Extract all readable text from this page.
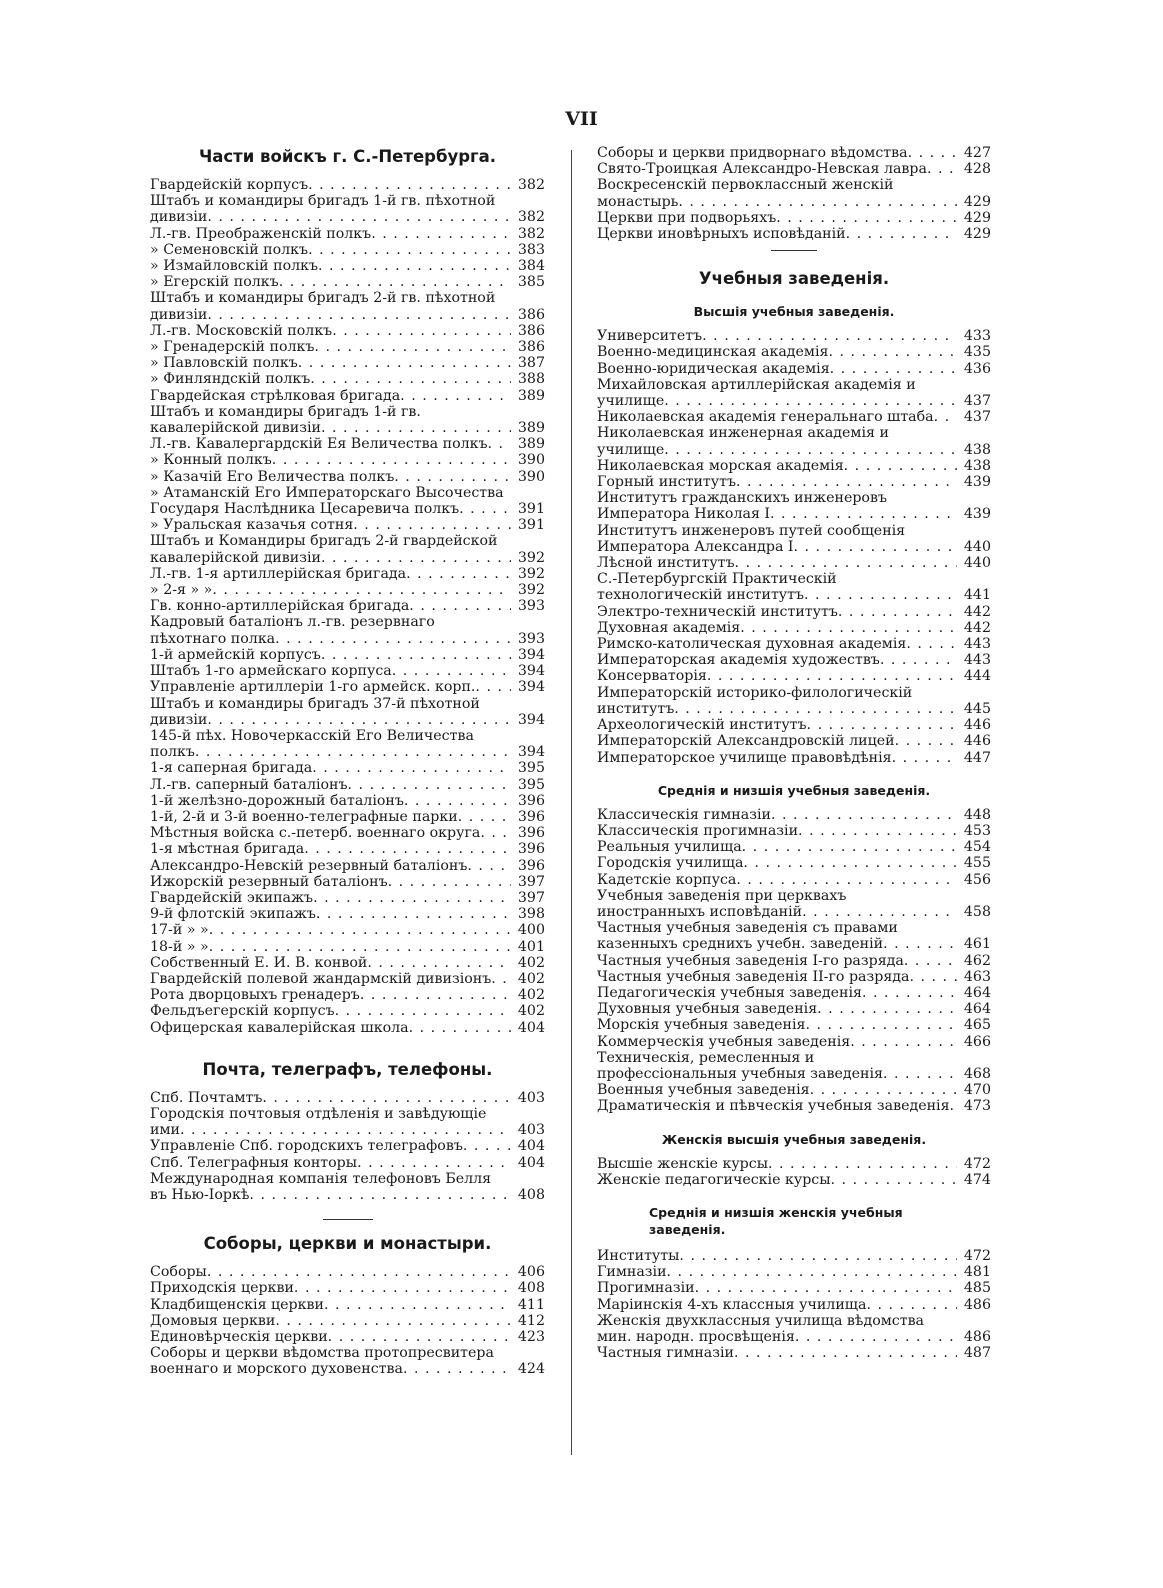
VII
Части войскъ г. С.-Петербурга.
Гвардейскій корпусъ . . .	382
Штабъ и командиры бригадъ 1-й гв. пѣхотной дивизіи . . .	382
Л.-гв. Преображенскій полкъ . . .	382
» Семеновскій полкъ . . .	383
» Измайловскій полкъ . . .	384
» Егерскій полкъ . . .	385
Штабъ и командиры бригадъ 2-й гв. пѣхотной дивизіи . . .	386
Л.-гв. Московскій полкъ . . .	386
» Гренадерскій полкъ . . .	386
» Павловскій полкъ . . .	387
» Финляндскій полкъ . . .	388
Гвардейская стрѣлковая бригада . . .	389
Штабъ и командиры бригадъ 1-й гв. кавалерійской дивизіи . . .	389
Л.-гв. Кавалергардскій Ея Величества полкъ . . .	389
» Конный полкъ . . .	390
» Казачій Его Величества полкъ . . .	390
» Атаманскій Его Императорскаго Высочества Государя Наслѣдника Цесаревича полкъ . . .	391
» Уральская казачья сотня . . .	391
Штабъ и Командиры бригадъ 2-й гвардейской кавалерійской дивизіи . . .	392
Л.-гв. 1-я артиллерійская бригада . . .	392
» 2-я » » . . .	392
Гв. конно-артиллерійская бригада . . .	393
Кадровый баталіонъ л.-гв. резервнаго пѣхотнаго полка . . .	393
1-й армейскій корпусъ . . .	394
Штабъ 1-го армейскаго корпуса . . .	394
Управленіе артиллеріи 1-го армейск. корп. . . .	394
Штабъ и командиры бригадъ 37-й пѣхотной дивизіи . . .	394
145-й пѣх. Новочеркасскій Его Величества полкъ . . .	394
1-я саперная бригада . . .	395
Л.-гв. саперный баталіонъ . . .	395
1-й желѣзно-дорожный баталіонъ . . .	396
1-й, 2-й и 3-й военно-телеграфные парки . . .	396
Мѣстныя войска с.-петерб. военнаго округа . . .	396
1-я мѣстная бригада . . .	396
Александро-Невскій резервный баталіонъ . . .	396
Ижорскій резервный баталіонъ . . .	397
Гвардейскій экипажъ . . .	397
9-й флотскій экипажъ . . .	398
17-й » » . . .	400
18-й » » . . .	401
Собственный Е. И. В. конвой . . .	402
Гвардейскій полевой жандармскій дивизіонъ . . .	402
Рота дворцовыхъ гренадеръ . . .	402
Фельдъегерскій корпусъ . . .	402
Офицерская кавалерійская школа . . .	404
Почта, телеграфъ, телефоны.
Спб. Почтамтъ . . .	403
Городскія почтовыя отдѣленія и завѣдующіе ими . . .	403
Управленіе Спб. городскихъ телеграфовъ . . .	404
Спб. Телеграфныя конторы . . .	404
Международная компанія телефоновъ Белля въ Нью-Іоркѣ . . .	408
Соборы, церкви и монастыри.
Соборы . . .	406
Приходскія церкви . . .	408
Кладбищенскія церкви . . .	411
Домовыя церкви . . .	412
Единовѣрческія церкви . . .	423
Соборы и церкви вѣдомства протопресвитера военнаго и морского духовенства . . .	424
Соборы и церкви придворнаго вѣдомства . . .	427
Свято-Троицкая Александро-Невская лавра . . .	428
Воскресенскій первоклассный женскій монастырь . . .	429
Церкви при подворьяхъ . . .	429
Церкви иновѣрныхъ исповѣданій . . .	429
Учебныя заведенія.
Высшія учебныя заведенія.
Университетъ . . .	433
Военно-медицинская академія . . .	435
Военно-юридическая академія . . .	436
Михайловская артиллерійская академія и училище . . .	437
Николаевская академія генеральнаго штаба . . .	437
Николаевская инженерная академія и училище . . .	438
Николаевская морская академія . . .	438
Горный институтъ . . .	439
Институтъ гражданскихъ инженеровъ Императора Николая I . . .	439
Институтъ инженеровъ путей сообщенія Императора Александра I . . .	440
Лѣсной институтъ . . .	440
С.-Петербургскій Практическій технологическій институтъ . . .	441
Электро-техническій институтъ . . .	442
Духовная академія . . .	442
Римско-католическая духовная академія . . .	443
Императорская академія художествъ . . .	443
Консерваторія . . .	444
Императорскій историко-филологическій институтъ . . .	445
Археологическій институтъ . . .	446
Императорскій Александровскій лицей . . .	446
Императорское училище правовѣдѣнія . . .	447
Среднія и низшія учебныя заведенія.
Классическія гимназіи . . .	448
Классическія прогимназіи . . .	453
Реальныя училища . . .	454
Городскія училища . . .	455
Кадетскіе корпуса . . .	456
Учебныя заведенія при церквахъ иностранныхъ исповѣданій . . .	458
Частныя учебныя заведенія съ правами казенныхъ среднихъ учебн. заведеній . . .	461
Частныя учебныя заведенія I-го разряда . . .	462
Частныя учебныя заведенія II-го разряда . . .	463
Педагогическія учебныя заведенія . . .	464
Духовныя учебныя заведенія . . .	464
Морскія учебныя заведенія . . .	465
Коммерческія учебныя заведенія . . .	466
Техническія, ремесленныя и профессіональныя учебныя заведенія . . .	468
Военныя учебныя заведенія . . .	470
Драматическія и пѣвческія учебныя заведенія . . .	473
Женскія высшія учебныя заведенія.
Высшіе женскіе курсы . . .	472
Женскіе педагогическіе курсы . . .	474
Среднія и низшія женскія учебныя заведенія.
Институты . . .	472
Гимназіи . . .	481
Прогимназіи . . .	485
Маріинскія 4-хъ классныя училища . . .	486
Женскія двухклассныя училища вѣдомства мин. народн. просвѣщенія . . .	486
Частныя гимназіи . . .	487
